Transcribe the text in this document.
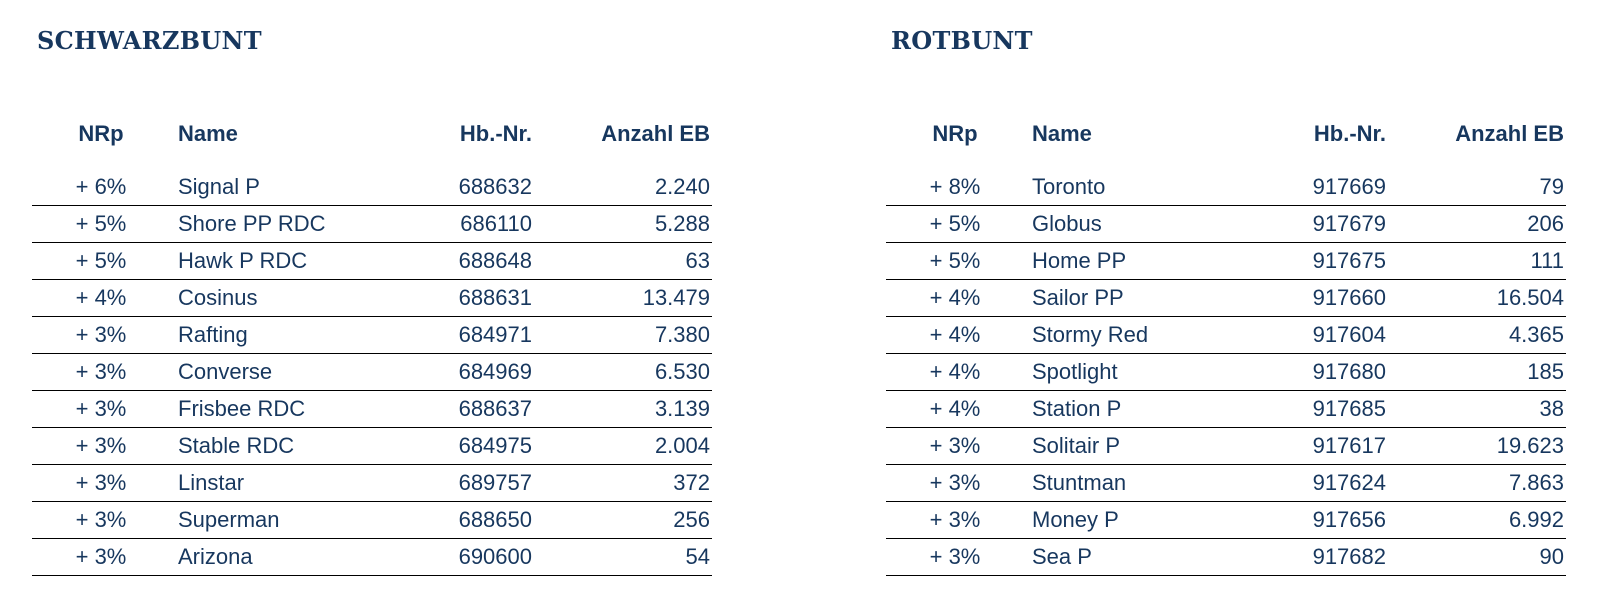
SCHWARZBUNT
NRp	Name	Hb.-Nr.	Anzahl EB

+ 6%	Signal P	688632	2.240
+ 5%	Shore PP RDC	686110	5.288
+ 5%	Hawk P RDC	688648	63
+ 4%	Cosinus	688631	13.479
+ 3%	Rafting	684971	7.380
+ 3%	Converse	684969	6.530
+ 3%	Frisbee RDC	688637	3.139
+ 3%	Stable RDC	684975	2.004
+ 3%	Linstar	689757	372
+ 3%	Superman	688650	256
+ 3%	Arizona	690600	54
ROTBUNT
NRp	Name	Hb.-Nr.	Anzahl EB

+ 8%	Toronto	917669	79
+ 5%	Globus	917679	206
+ 5%	Home PP	917675	111
+ 4%	Sailor PP	917660	16.504
+ 4%	Stormy Red	917604	4.365
+ 4%	Spotlight	917680	185
+ 4%	Station P	917685	38
+ 3%	Solitair P	917617	19.623
+ 3%	Stuntman	917624	7.863
+ 3%	Money P	917656	6.992
+ 3%	Sea P	917682	90
